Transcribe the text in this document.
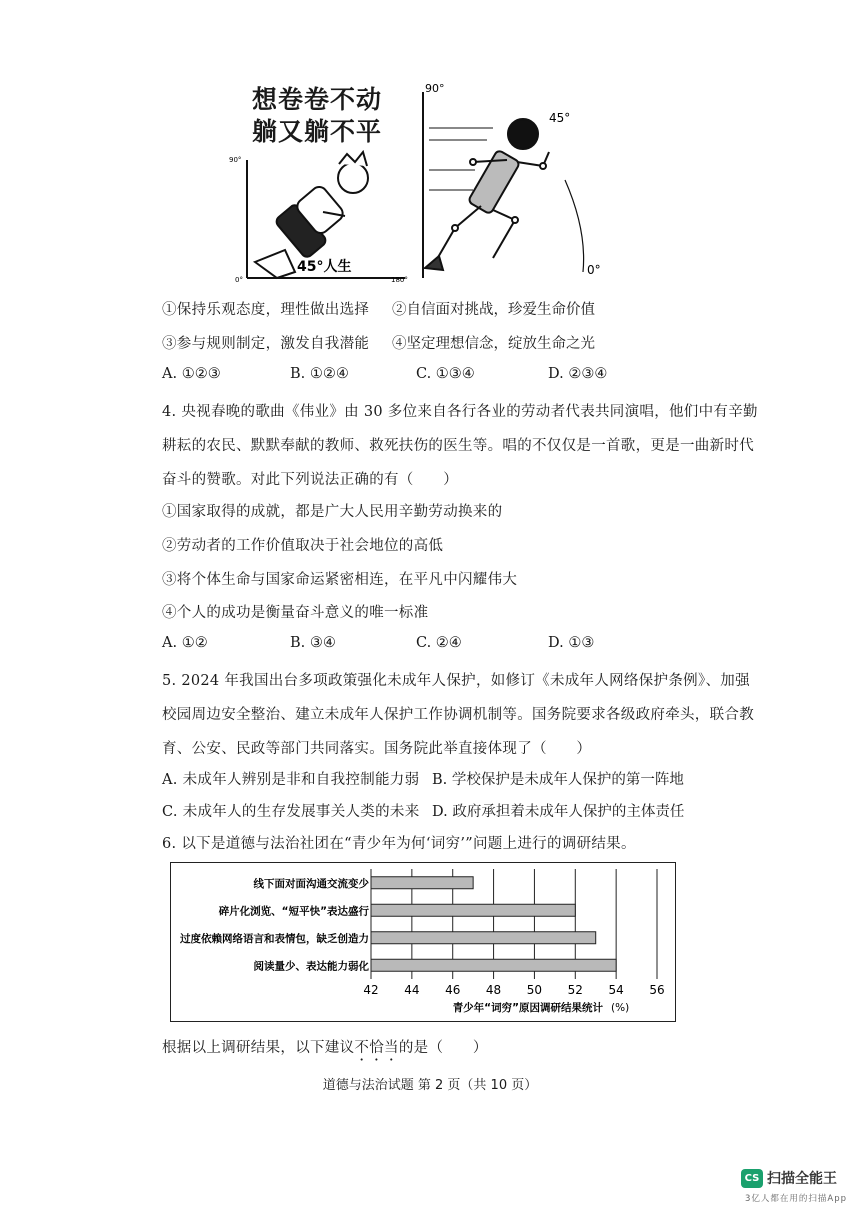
想卷卷不动
躺又躺不平
90°
0°	180°
45°人生
90°
45°
0°
①保持乐观态度，理性做出选择 ②自信面对挑战，珍爱生命价值
③参与规则制定，激发自我潜能 ④坚定理想信念，绽放生命之光
A. ①②③	B. ①②④	C. ①③④	D. ②③④
4. 央视春晚的歌曲《伟业》由 30 多位来自各行各业的劳动者代表共同演唱，他们中有辛勤
耕耘的农民、默默奉献的教师、救死扶伤的医生等。唱的不仅仅是一首歌，更是一曲新时代
奋斗的赞歌。对此下列说法正确的有（　　）
①国家取得的成就，都是广大人民用辛勤劳动换来的
②劳动者的工作价值取决于社会地位的高低
③将个体生命与国家命运紧密相连，在平凡中闪耀伟大
④个人的成功是衡量奋斗意义的唯一标准
A. ①②	B. ③④	C. ②④	D. ①③
5. 2024 年我国出台多项政策强化未成年人保护，如修订《未成年人网络保护条例》、加强
校园周边安全整治、建立未成年人保护工作协调机制等。国务院要求各级政府牵头，联合教
育、公安、民政等部门共同落实。国务院此举直接体现了（　　）
A. 未成年人辨别是非和自我控制能力弱 B. 学校保护是未成年人保护的第一阵地
C. 未成年人的生存发展事关人类的未来 D. 政府承担着未成年人保护的主体责任
6. 以下是道德与法治社团在“青少年为何‘词穷’”问题上进行的调研结果。
42 44 46 48 50 52 54 56
线下面对面沟通交流变少
碎片化浏览、“短平快”表达盛行
过度依赖网络语言和表情包，缺乏创造力
阅读量少、表达能力弱化
青少年“词穷”原因调研结果统计 (%)
根据以上调研结果，以下建议不恰当的是（　　）
道德与法治试题 第 2 页（共 10 页）
CS 扫描全能王
3亿人都在用的扫描App
